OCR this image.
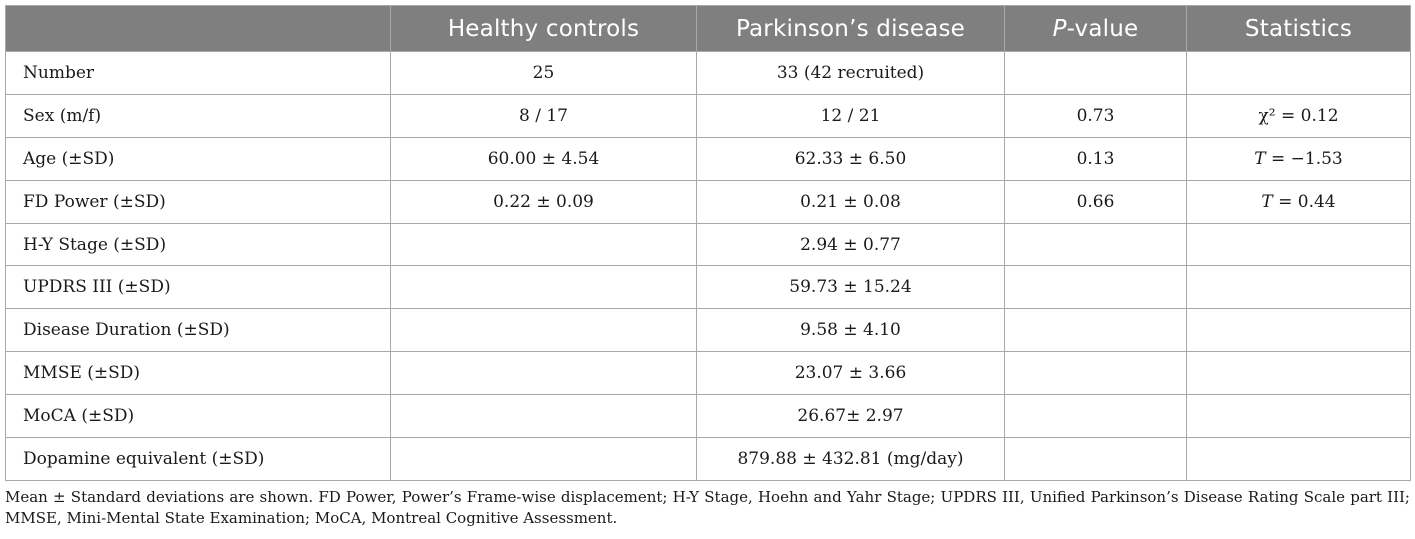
	Healthy controls	Parkinson’s disease	P-value	Statistics
Number	25	33 (42 recruited)		
Sex (m/f)	8 / 17	12 / 21	0.73	χ² = 0.12
Age (±SD)	60.00 ± 4.54	62.33 ± 6.50	0.13	T = −1.53
FD Power (±SD)	0.22 ± 0.09	0.21 ± 0.08	0.66	T = 0.44
H-Y Stage (±SD)		2.94 ± 0.77		
UPDRS III (±SD)		59.73 ± 15.24		
Disease Duration (±SD)		9.58 ± 4.10		
MMSE (±SD)		23.07 ± 3.66		
MoCA (±SD)		26.67± 2.97		
Dopamine equivalent (±SD)		879.88 ± 432.81 (mg/day)		
Mean ± Standard deviations are shown. FD Power, Power’s Frame-wise displacement; H-Y Stage, Hoehn and Yahr Stage; UPDRS III, Unified Parkinson’s Disease Rating Scale part III; MMSE, Mini-Mental State Examination; MoCA, Montreal Cognitive Assessment.
